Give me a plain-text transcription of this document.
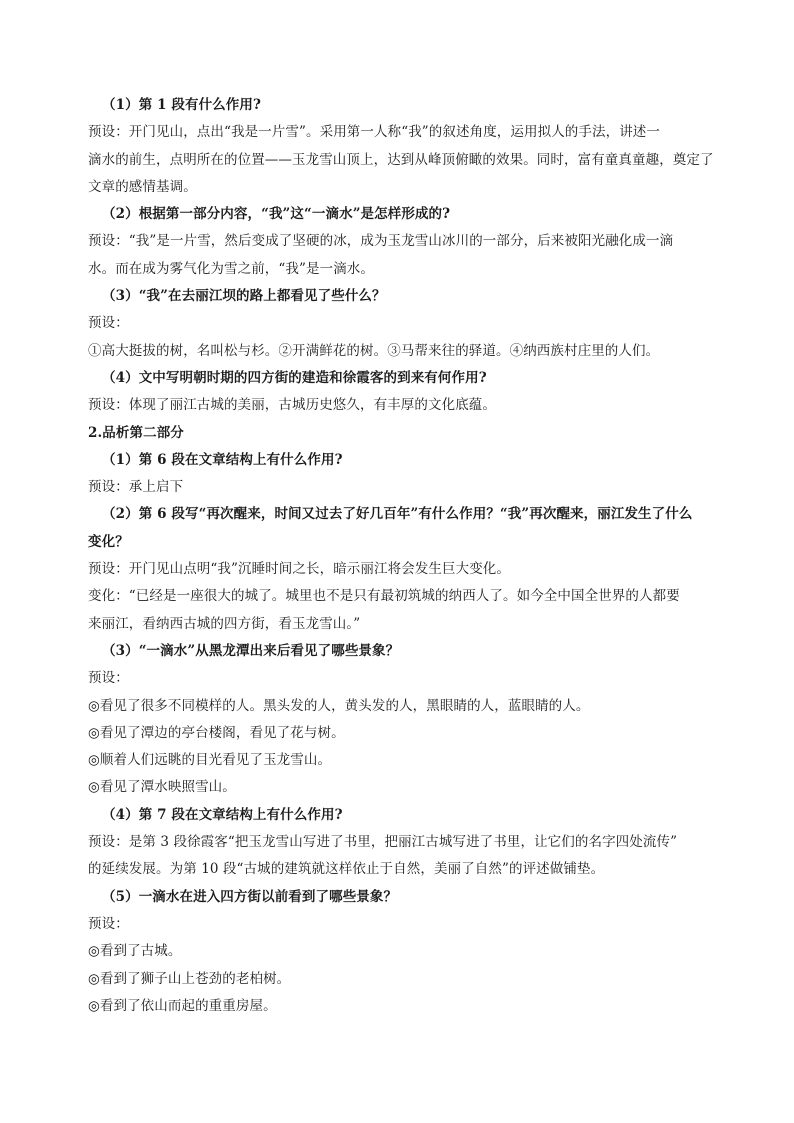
（1）第 1 段有什么作用?
预设：开门见山，点出“我是一片雪”。采用第一人称“我”的叙述角度，运用拟人的手法，讲述一
滴水的前生，点明所在的位置——玉龙雪山顶上，达到从峰顶俯瞰的效果。同时，富有童真童趣，奠定了
文章的感情基调。
（2）根据第一部分内容，“我”这“一滴水”是怎样形成的?
预设：“我”是一片雪，然后变成了坚硬的冰，成为玉龙雪山冰川的一部分，后来被阳光融化成一滴
水。而在成为雾气化为雪之前，“我”是一滴水。
（3）“我”在去丽江坝的路上都看见了些什么？
预设：
①高大挺拔的树，名叫松与杉。②开满鲜花的树。③马帮来往的驿道。④纳西族村庄里的人们。
（4）文中写明朝时期的四方街的建造和徐霞客的到来有何作用?
预设：体现了丽江古城的美丽，古城历史悠久，有丰厚的文化底蕴。
2.品析第二部分
（1）第 6 段在文章结构上有什么作用?
预设：承上启下
（2）第 6 段写“再次醒来，时间又过去了好几百年”有什么作用？“我”再次醒来，丽江发生了什么
变化？
预设：开门见山点明“我”沉睡时间之长，暗示丽江将会发生巨大变化。
变化：“已经是一座很大的城了。城里也不是只有最初筑城的纳西人了。如今全中国全世界的人都要
来丽江，看纳西古城的四方街，看玉龙雪山。”
（3）“一滴水”从黑龙潭出来后看见了哪些景象？
预设：
◎看见了很多不同模样的人。黑头发的人，黄头发的人，黑眼睛的人，蓝眼睛的人。
◎看见了潭边的亭台楼阁，看见了花与树。
◎顺着人们远眺的目光看见了玉龙雪山。
◎看见了潭水映照雪山。
（4）第 7 段在文章结构上有什么作用?
预设：是第 3 段徐霞客“把玉龙雪山写进了书里，把丽江古城写进了书里，让它们的名字四处流传”
的延续发展。为第 10 段“古城的建筑就这样依止于自然，美丽了自然”的评述做铺垫。
（5）一滴水在进入四方街以前看到了哪些景象？
预设：
◎看到了古城。
◎看到了狮子山上苍劲的老柏树。
◎看到了依山而起的重重房屋。
